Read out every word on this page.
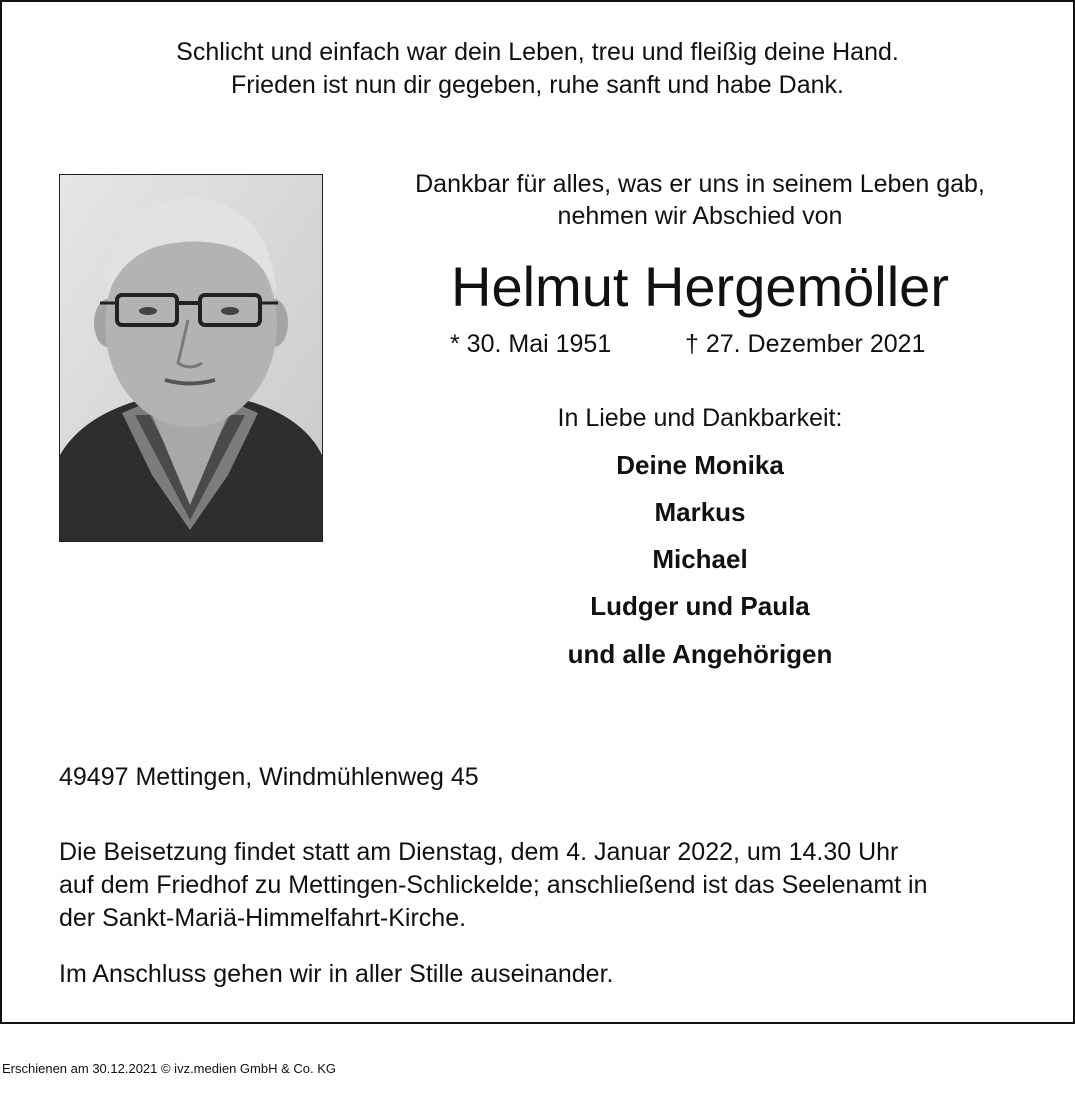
Schlicht und einfach war dein Leben, treu und fleißig deine Hand.
Frieden ist nun dir gegeben, ruhe sanft und habe Dank.
Dankbar für alles, was er uns in seinem Leben gab,
nehmen wir Abschied von
Helmut Hergemöller
* 30. Mai 1951	† 27. Dezember 2021
In Liebe und Dankbarkeit:
Deine Monika
Markus
Michael
Ludger und Paula
und alle Angehörigen
49497 Mettingen, Windmühlenweg 45
Die Beisetzung findet statt am Dienstag, dem 4. Januar 2022, um 14.30 Uhr
auf dem Friedhof zu Mettingen-Schlickelde; anschließend ist das Seelenamt in
der Sankt-Mariä-Himmelfahrt-Kirche.
Im Anschluss gehen wir in aller Stille auseinander.
Erschienen am 30.12.2021 © ivz.medien GmbH & Co. KG
